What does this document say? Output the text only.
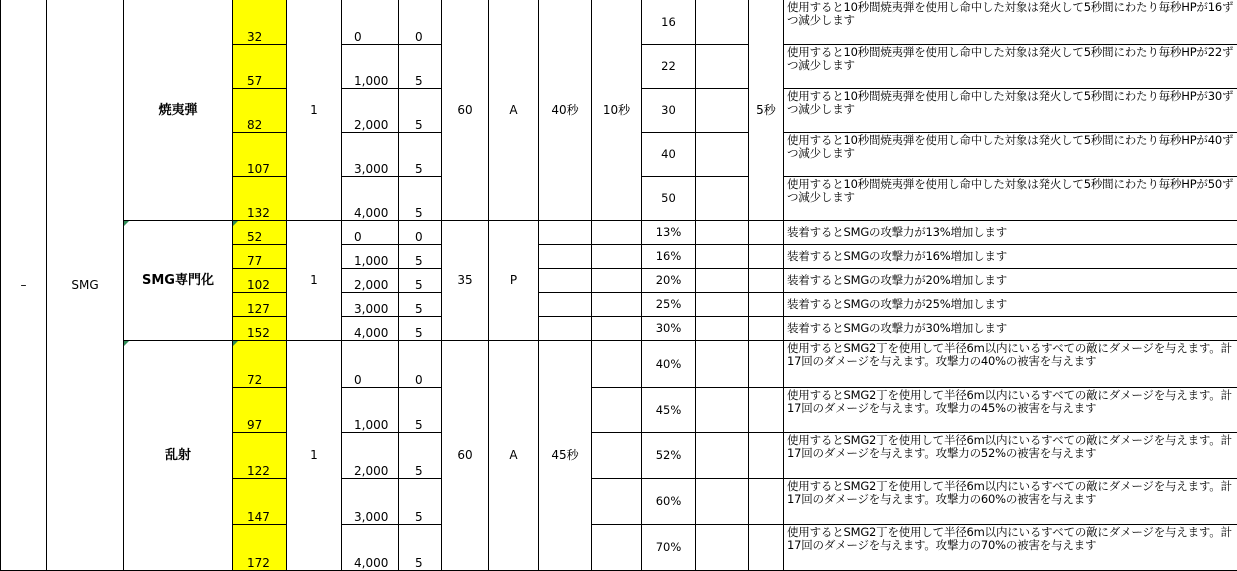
–	SMG	焼夷弾	32	1	0	0	60	A	40秒	10秒	16		5秒	使用すると10秒間焼夷弾を使用し命中した対象は発火して5秒間にわたり毎秒HPが16ずつ減少します
			57		1,000	5					22			使用すると10秒間焼夷弾を使用し命中した対象は発火して5秒間にわたり毎秒HPが22ずつ減少します
			82		2,000	5					30			使用すると10秒間焼夷弾を使用し命中した対象は発火して5秒間にわたり毎秒HPが30ずつ減少します
			107		3,000	5					40			使用すると10秒間焼夷弾を使用し命中した対象は発火して5秒間にわたり毎秒HPが40ずつ減少します
			132		4,000	5					50			使用すると10秒間焼夷弾を使用し命中した対象は発火して5秒間にわたり毎秒HPが50ずつ減少します
		SMG専門化	52	1	0	0	35	P			13%			装着するとSMGの攻撃力が13%増加します
			77		1,000	5					16%			装着するとSMGの攻撃力が16%増加します
			102		2,000	5					20%			装着するとSMGの攻撃力が20%増加します
			127		3,000	5					25%			装着するとSMGの攻撃力が25%増加します
			152		4,000	5					30%			装着するとSMGの攻撃力が30%増加します
		乱射	72	1	0	0	60	A	45秒		40%			使用するとSMG2丁を使用して半径6m以内にいるすべての敵にダメージを与えます。計17回のダメージを与えます。攻撃力の40%の被害を与えます
			97		1,000	5					45%			使用するとSMG2丁を使用して半径6m以内にいるすべての敵にダメージを与えます。計17回のダメージを与えます。攻撃力の45%の被害を与えます
			122		2,000	5					52%			使用するとSMG2丁を使用して半径6m以内にいるすべての敵にダメージを与えます。計17回のダメージを与えます。攻撃力の52%の被害を与えます
			147		3,000	5					60%			使用するとSMG2丁を使用して半径6m以内にいるすべての敵にダメージを与えます。計17回のダメージを与えます。攻撃力の60%の被害を与えます
			172		4,000	5					70%			使用するとSMG2丁を使用して半径6m以内にいるすべての敵にダメージを与えます。計17回のダメージを与えます。攻撃力の70%の被害を与えます
